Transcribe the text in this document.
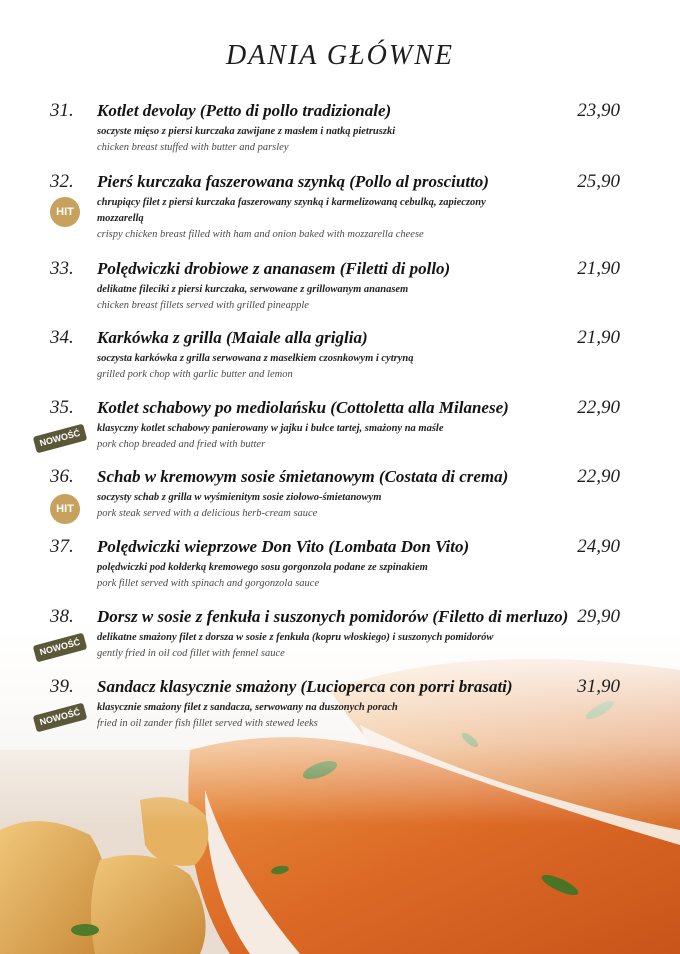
DANIA GŁÓWNE
31. Kotlet devolay (Petto di pollo tradizionale)	23,90
soczyste mięso z piersi kurczaka zawijane z masłem i natką pietruszki
chicken breast stuffed with butter and parsley
32. Pierś kurczaka faszerowana szynką (Pollo al prosciutto)	25,90
HIT
chrupiący filet z piersi kurczaka faszerowany szynką i karmelizowaną cebulką, zapieczony mozzarellą
crispy chicken breast filled with ham and onion baked with mozzarella cheese
33. Polędwiczki drobiowe z ananasem (Filetti di pollo)	21,90
delikatne fileciki z piersi kurczaka, serwowane z grillowanym ananasem
chicken breast fillets served with grilled pineapple
34. Karkówka z grilla (Maiale alla griglia)	21,90
soczysta karkówka z grilla serwowana z masełkiem czosnkowym i cytryną
grilled pork chop with garlic butter and lemon
35. Kotlet schabowy po mediolańsku (Cottoletta alla Milanese)	22,90
NOWOŚĆ	klasyczny kotlet schabowy panierowany w jajku i bułce tartej, smażony na maśle
pork chop breaded and fried with butter
36. Schab w kremowym sosie śmietanowym (Costata di crema)	22,90
HIT
soczysty schab z grilla w wyśmienitym sosie ziołowo-śmietanowym
pork steak served with a delicious herb-cream sauce
37. Polędwiczki wieprzowe Don Vito (Lombata Don Vito)	24,90
polędwiczki pod kołderką kremowego sosu gorgonzola podane ze szpinakiem
pork fillet served with spinach and gorgonzola sauce
38. Dorsz w sosie z fenkuła i suszonych pomidorów (Filetto di merluzo) 29,90
NOWOŚĆ	delikatne smażony filet z dorsza w sosie z fenkuła (kopru włoskiego) i suszonych pomidorów
gently fried in oil cod fillet with fennel sauce
39. Sandacz klasycznie smażony (Lucioperca con porri brasati)	31,90
NOWOŚĆ	klasycznie smażony filet z sandacza, serwowany na duszonych porach
fried in oil zander fish fillet served with stewed leeks
